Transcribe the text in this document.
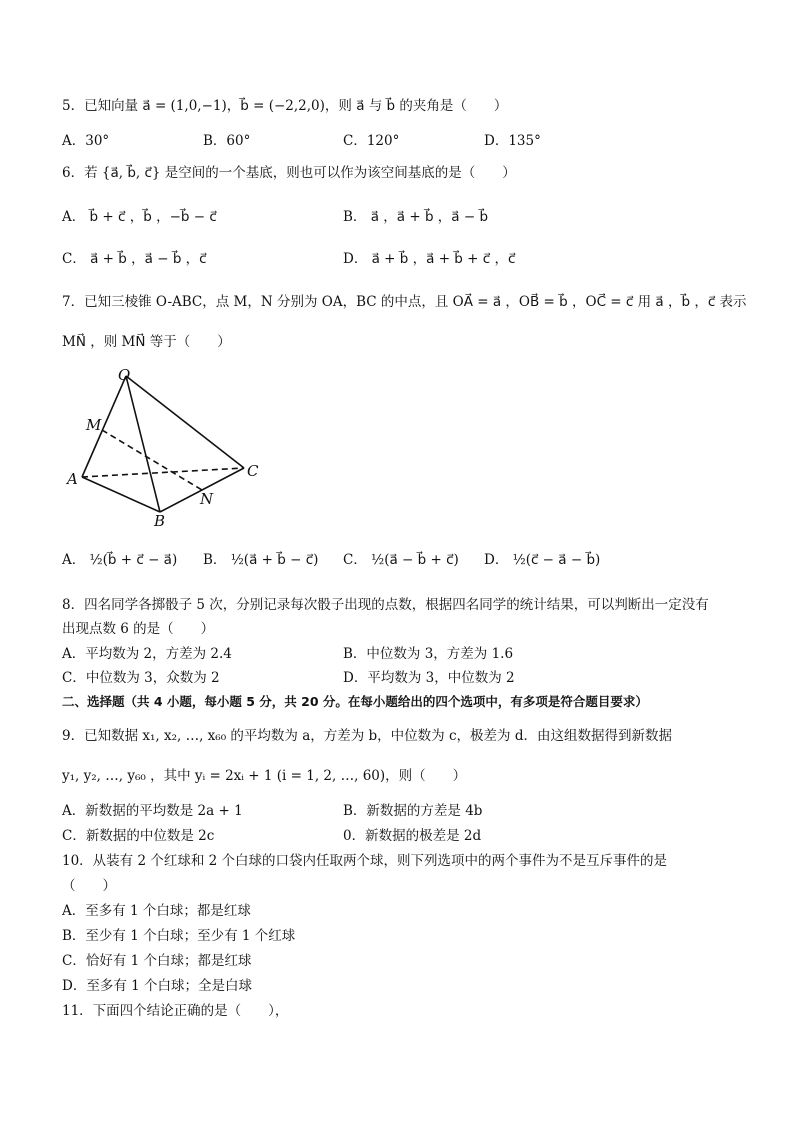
5．已知向量 a⃗ = (1,0,−1)，b⃗ = (−2,2,0)，则 a⃗ 与 b⃗ 的夹角是（　　）
A．30°	B．60°	C．120°	D．135°
6．若 {a⃗, b⃗, c⃗} 是空间的一个基底，则也可以作为该空间基底的是（　　）
A． b⃗ + c⃗ ，b⃗ ，−b⃗ − c⃗	B． a⃗ ，a⃗ + b⃗ ，a⃗ − b⃗
C． a⃗ + b⃗ ，a⃗ − b⃗ ，c⃗	D． a⃗ + b⃗ ，a⃗ + b⃗ + c⃗ ，c⃗
7．已知三棱锥 O-ABC，点 M，N 分别为 OA，BC 的中点，且 OA⃗ = a⃗ ，OB⃗ = b⃗ ，OC⃗ = c⃗ 用 a⃗ ，b⃗ ，c⃗ 表示
MN⃗ ，则 MN⃗ 等于（　　）
O
M
A
B
C
N
A． ½(b⃗ + c⃗ − a⃗) B． ½(a⃗ + b⃗ − c⃗) C． ½(a⃗ − b⃗ + c⃗) D． ½(c⃗ − a⃗ − b⃗)
8．四名同学各掷骰子 5 次，分别记录每次骰子出现的点数，根据四名同学的统计结果，可以判断出一定没有
出现点数 6 的是（　　）
A．平均数为 2，方差为 2.4	B．中位数为 3，方差为 1.6
C．中位数为 3，众数为 2	D．平均数为 3，中位数为 2
二、选择题（共 4 小题，每小题 5 分，共 20 分。在每小题给出的四个选项中，有多项是符合题目要求）
9．已知数据 x₁, x₂, …, x₆₀ 的平均数为 a，方差为 b，中位数为 c，极差为 d．由这组数据得到新数据
y₁, y₂, …, y₆₀ ，其中 yᵢ = 2xᵢ + 1 (i = 1, 2, …, 60)，则（　　）
A．新数据的平均数是 2a + 1	B．新数据的方差是 4b
C．新数据的中位数是 2c	0．新数据的极差是 2d
10．从装有 2 个红球和 2 个白球的口袋内任取两个球，则下列选项中的两个事件为不是互斥事件的是
（　　）
A．至多有 1 个白球；都是红球
B．至少有 1 个白球；至少有 1 个红球
C．恰好有 1 个白球；都是红球
D．至多有 1 个白球；全是白球
11．下面四个结论正确的是（　　），
